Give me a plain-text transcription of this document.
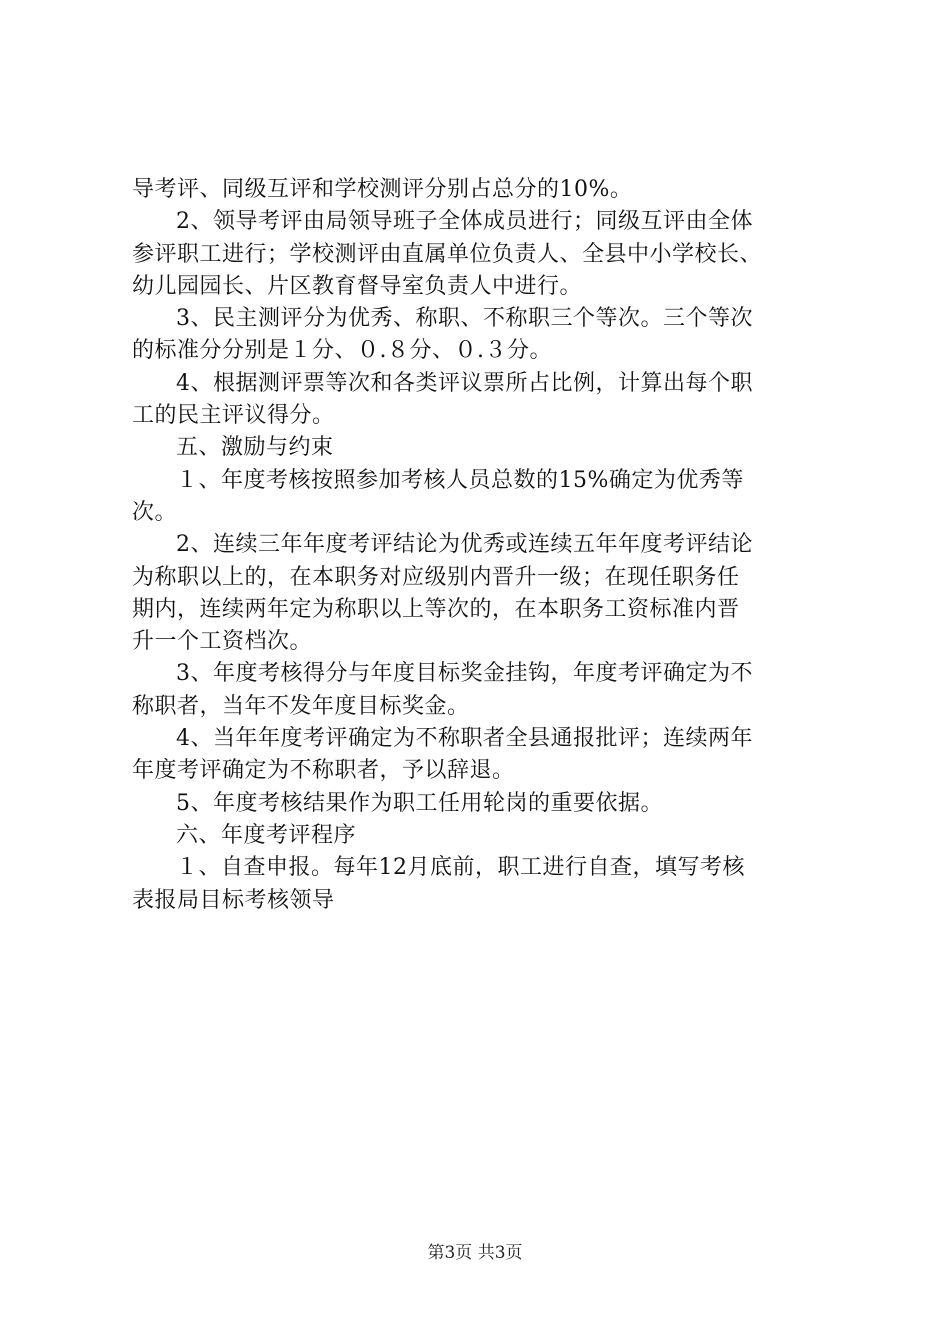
导考评、同级互评和学校测评分别占总分的10%。
2、领导考评由局领导班子全体成员进行；同级互评由全体
参评职工进行；学校测评由直属单位负责人、全县中小学校长、
幼儿园园长、片区教育督导室负责人中进行。
3、民主测评分为优秀、称职、不称职三个等次。三个等次
的标准分分别是１分、０.８分、０.３分。
4、根据测评票等次和各类评议票所占比例，计算出每个职
工的民主评议得分。
五、激励与约束
１、年度考核按照参加考核人员总数的15%确定为优秀等
次。
2、连续三年年度考评结论为优秀或连续五年年度考评结论
为称职以上的，在本职务对应级别内晋升一级；在现任职务任
期内，连续两年定为称职以上等次的，在本职务工资标准内晋
升一个工资档次。
3、年度考核得分与年度目标奖金挂钩，年度考评确定为不
称职者，当年不发年度目标奖金。
4、当年年度考评确定为不称职者全县通报批评；连续两年
年度考评确定为不称职者，予以辞退。
5、年度考核结果作为职工任用轮岗的重要依据。
六、年度考评程序
１、自查申报。每年12月底前，职工进行自查，填写考核
表报局目标考核领导
第3页 共3页
